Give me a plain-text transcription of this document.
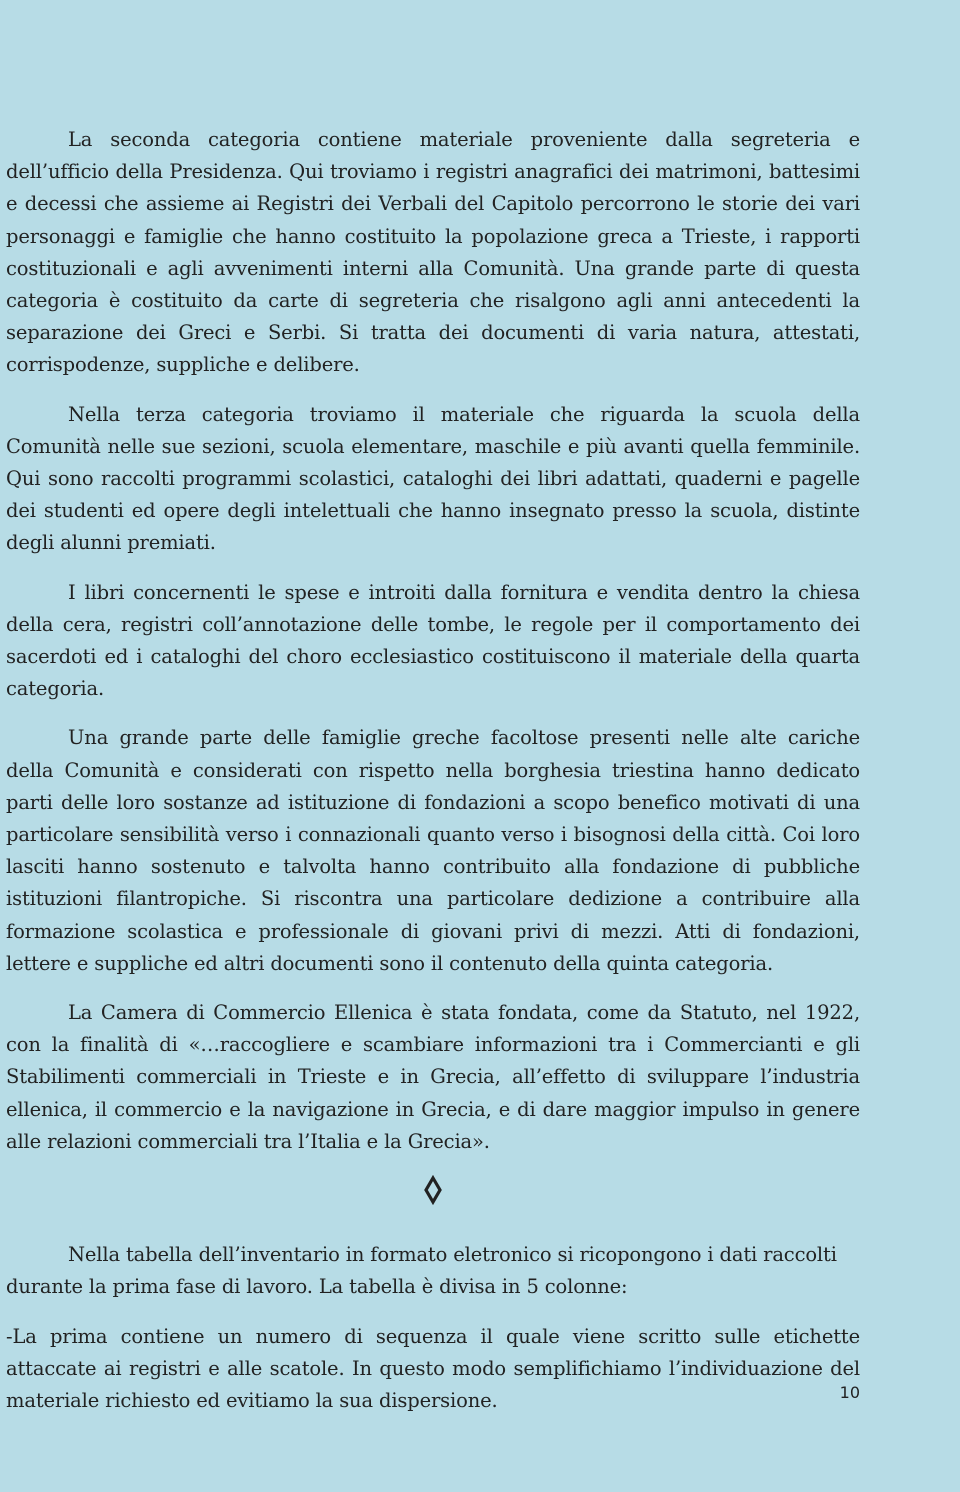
La seconda categoria contiene materiale proveniente dalla segreteria e dell’ufficio della Presidenza. Qui troviamo i registri anagrafici dei matrimoni, battesimi e decessi che assieme ai Registri dei Verbali del Capitolo percorrono le storie dei vari personaggi e famiglie che hanno costituito la popolazione greca a Trieste, i rapporti costituzionali e agli avvenimenti interni alla Comunità. Una grande parte di questa categoria è costituito da carte di segreteria che risalgono agli anni antecedenti la separazione dei Greci e Serbi. Si tratta dei documenti di varia natura, attestati, corrispodenze, suppliche e delibere.

Nella terza categoria troviamo il materiale che riguarda la scuola della Comunità nelle sue sezioni, scuola elementare, maschile e più avanti quella femminile. Qui sono raccolti programmi scolastici, cataloghi dei libri adattati, quaderni e pagelle dei studenti ed opere degli intelettuali che hanno insegnato presso la scuola, distinte degli alunni premiati.

I libri concernenti le spese e introiti dalla fornitura e vendita dentro la chiesa della cera, registri coll’annotazione delle tombe, le regole per il comportamento dei sacerdoti ed i cataloghi del choro ecclesiastico costituiscono il materiale della quarta categoria.

Una grande parte delle famiglie greche facoltose presenti nelle alte cariche della Comunità e considerati con rispetto nella borghesia triestina hanno dedicato parti delle loro sostanze ad istituzione di fondazioni a scopo benefico motivati di una particolare sensibilità verso i connazionali quanto verso i bisognosi della città. Coi loro lasciti hanno sostenuto e talvolta hanno contribuito alla fondazione di pubbliche istituzioni filantropiche. Si riscontra una particolare dedizione a contribuire alla formazione scolastica e professionale di giovani privi di mezzi. Atti di fondazioni, lettere e suppliche ed altri documenti sono il contenuto della quinta categoria.

La Camera di Commercio Ellenica è stata fondata, come da Statuto, nel 1922, con la finalità di «…raccogliere e scambiare informazioni tra i Commercianti e gli Stabilimenti commerciali in Trieste e in Grecia, all’effetto di sviluppare l’industria ellenica, il commercio e la navigazione in Grecia, e di dare maggior impulso in genere alle relazioni commerciali tra l’Italia e la Grecia».

Nella tabella dell’inventario in formato eletronico si ricopongono i dati raccolti durante la prima fase di lavoro. La tabella è divisa in 5 colonne:

-La prima contiene un numero di sequenza il quale viene scritto sulle etichette attaccate ai registri e alle scatole. In questo modo semplifichiamo l’individuazione del materiale richiesto ed evitiamo la sua dispersione.	10
